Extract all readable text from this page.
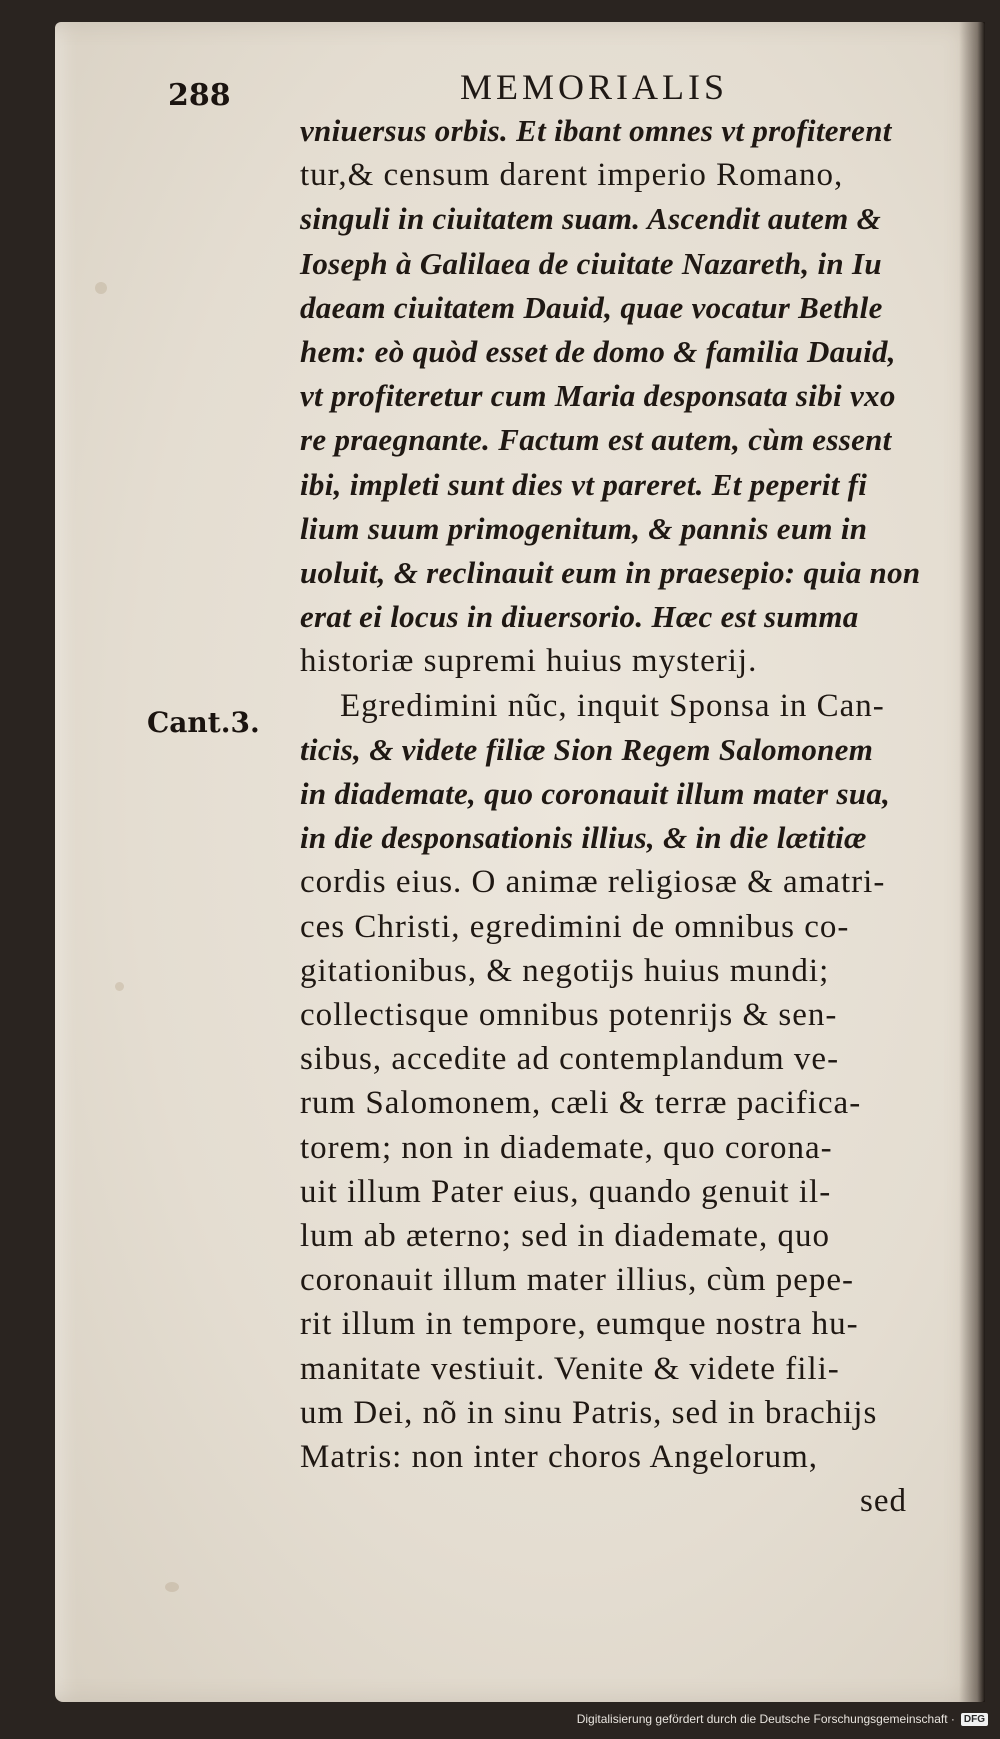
288	MEMORIALIS
Cant.3.
vniuersus orbis. Et ibant omnes vt profiterent
tur,& censum darent imperio Romano,
singuli in ciuitatem suam. Ascendit autem &
Ioseph à Galilaea de ciuitate Nazareth, in Iu
daeam ciuitatem Dauid, quae vocatur Bethle
hem: eò quòd esset de domo & familia Dauid,
vt profiteretur cum Maria desponsata sibi vxo
re praegnante. Factum est autem, cùm essent
ibi, impleti sunt dies vt pareret. Et peperit fi
lium suum primogenitum, & pannis eum in
uoluit, & reclinauit eum in praesepio: quia non
erat ei locus in diuersorio. Hæc est summa
historiæ supremi huius mysterij.
Egredimini nũc, inquit Sponsa in Can-
ticis, & videte filiæ Sion Regem Salomonem
in diademate, quo coronauit illum mater sua,
in die desponsationis illius, & in die lætitiæ
cordis eius. O animæ religiosæ & amatri-
ces Christi, egredimini de omnibus co-
gitationibus, & negotijs huius mundi;
collectisque omnibus potenrijs & sen-
sibus, accedite ad contemplandum ve-
rum Salomonem, cæli & terræ pacifica-
torem; non in diademate, quo corona-
uit illum Pater eius, quando genuit il-
lum ab æterno; sed in diademate, quo
coronauit illum mater illius, cùm pepe-
rit illum in tempore, eumque nostra hu-
manitate vestiuit. Venite & videte fili-
um Dei, nõ in sinu Patris, sed in brachijs
Matris: non inter choros Angelorum,
sed
Digitalisierung gefördert durch die Deutsche Forschungsgemeinschaft · DFG
